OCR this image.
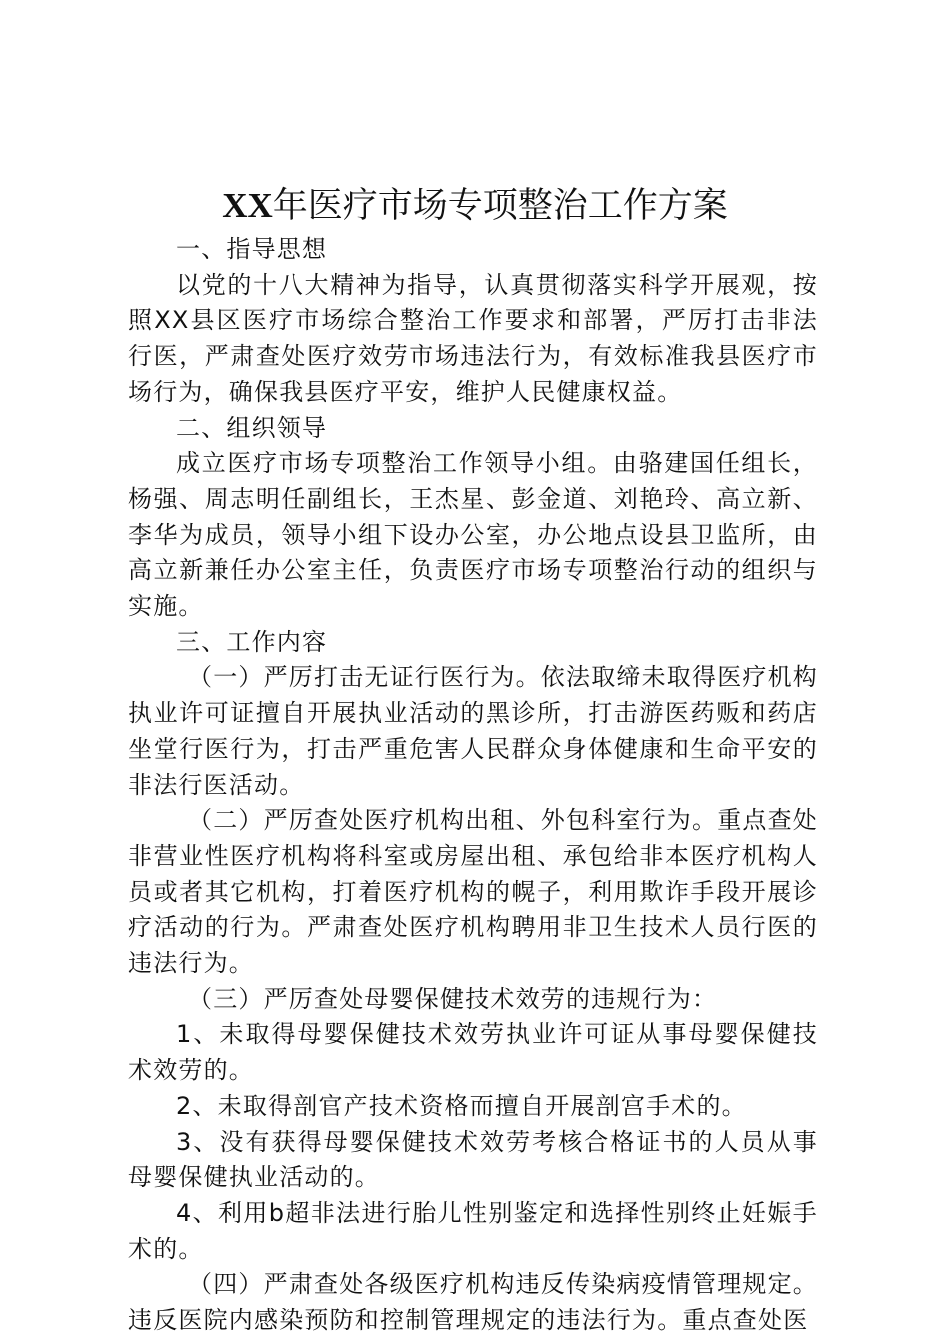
XX年医疗市场专项整治工作方案

一、指导思想

以党的十八大精神为指导，认真贯彻落实科学开展观，按照XX县区医疗市场综合整治工作要求和部署，严厉打击非法行医，严肃查处医疗效劳市场违法行为，有效标准我县医疗市场行为，确保我县医疗平安，维护人民健康权益。

二、组织领导

成立医疗市场专项整治工作领导小组。由骆建国任组长，杨强、周志明任副组长，王杰星、彭金道、刘艳玲、高立新、李华为成员，领导小组下设办公室，办公地点设县卫监所，由高立新兼任办公室主任，负责医疗市场专项整治行动的组织与实施。

三、工作内容

（一）严厉打击无证行医行为。依法取缔未取得医疗机构执业许可证擅自开展执业活动的黑诊所，打击游医药贩和药店坐堂行医行为，打击严重危害人民群众身体健康和生命平安的非法行医活动。

（二）严厉查处医疗机构出租、外包科室行为。重点查处非营业性医疗机构将科室或房屋出租、承包给非本医疗机构人员或者其它机构，打着医疗机构的幌子，利用欺诈手段开展诊疗活动的行为。严肃查处医疗机构聘用非卫生技术人员行医的违法行为。

（三）严厉查处母婴保健技术效劳的违规行为：

1、未取得母婴保健技术效劳执业许可证从事母婴保健技术效劳的。

2、未取得剖官产技术资格而擅自开展剖宫手术的。

3、没有获得母婴保健技术效劳考核合格证书的人员从事母婴保健执业活动的。

4、利用b超非法进行胎儿性别鉴定和选择性别终止妊娠手术的。

（四）严肃查处各级医疗机构违反传染病疫情管理规定。违反医院内感染预防和控制管理规定的违法行为。重点查处医
